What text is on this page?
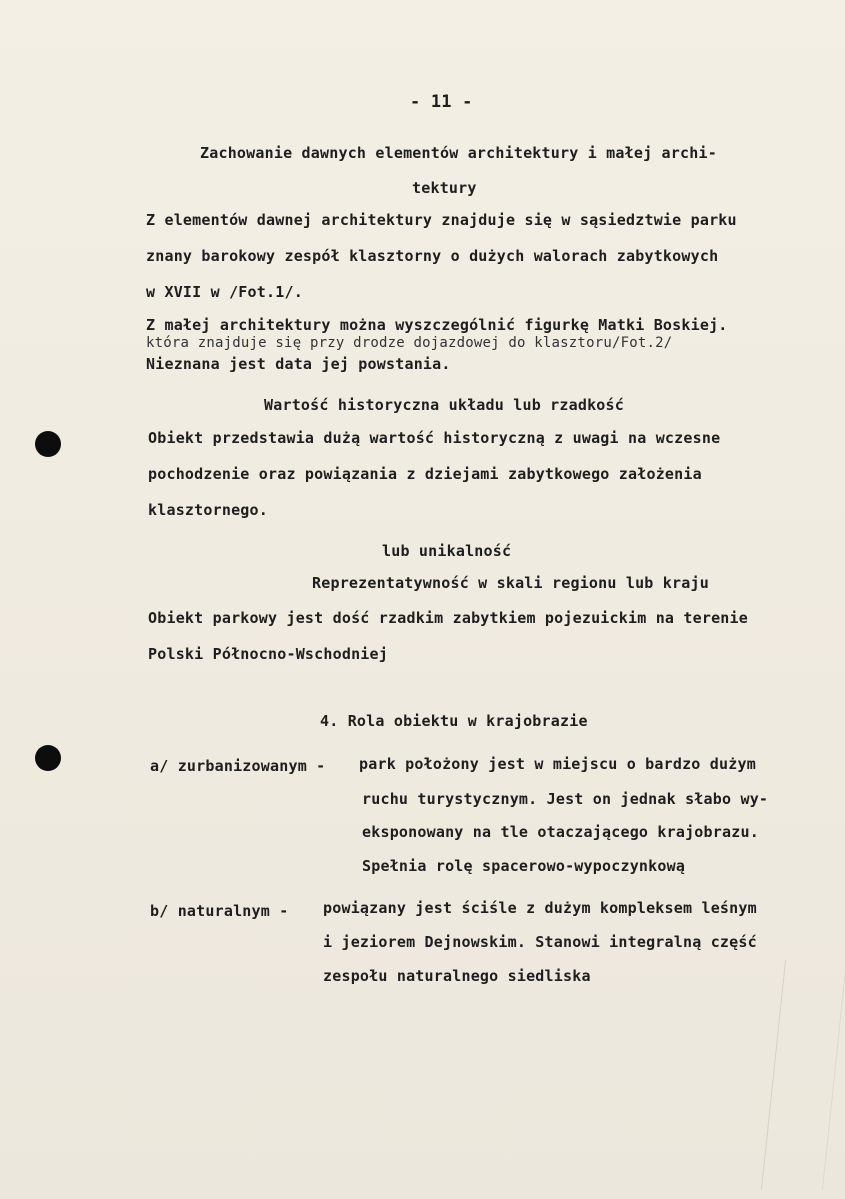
- 11 -
Zachowanie dawnych elementów architektury i małej archi-
tektury
Z elementów dawnej architektury znajduje się w sąsiedztwie parku
znany barokowy zespół klasztorny o dużych walorach zabytkowych
w XVII w /Fot.1/.
Z małej architektury można wyszczególnić figurkę Matki Boskiej.
która znajduje się przy drodze dojazdowej do klasztoru/Fot.2/
Nieznana jest data jej powstania.
Wartość historyczna układu lub rzadkość
Obiekt przedstawia dużą wartość historyczną z uwagi na wczesne
pochodzenie oraz powiązania z dziejami zabytkowego założenia
klasztornego.
lub unikalność
Reprezentatywność w skali regionu lub kraju
Obiekt parkowy jest dość rzadkim zabytkiem pojezuickim na terenie
Polski Północno-Wschodniej
4. Rola obiektu w krajobrazie
a/ zurbanizowanym - park położony jest w miejscu o bardzo dużym
ruchu turystycznym. Jest on jednak słabo wy-
eksponowany na tle otaczającego krajobrazu.
Spełnia rolę spacerowo-wypoczynkową
b/ naturalnym - powiązany jest ściśle z dużym kompleksem leśnym
i jeziorem Dejnowskim. Stanowi integralną część
zespołu naturalnego siedliska
